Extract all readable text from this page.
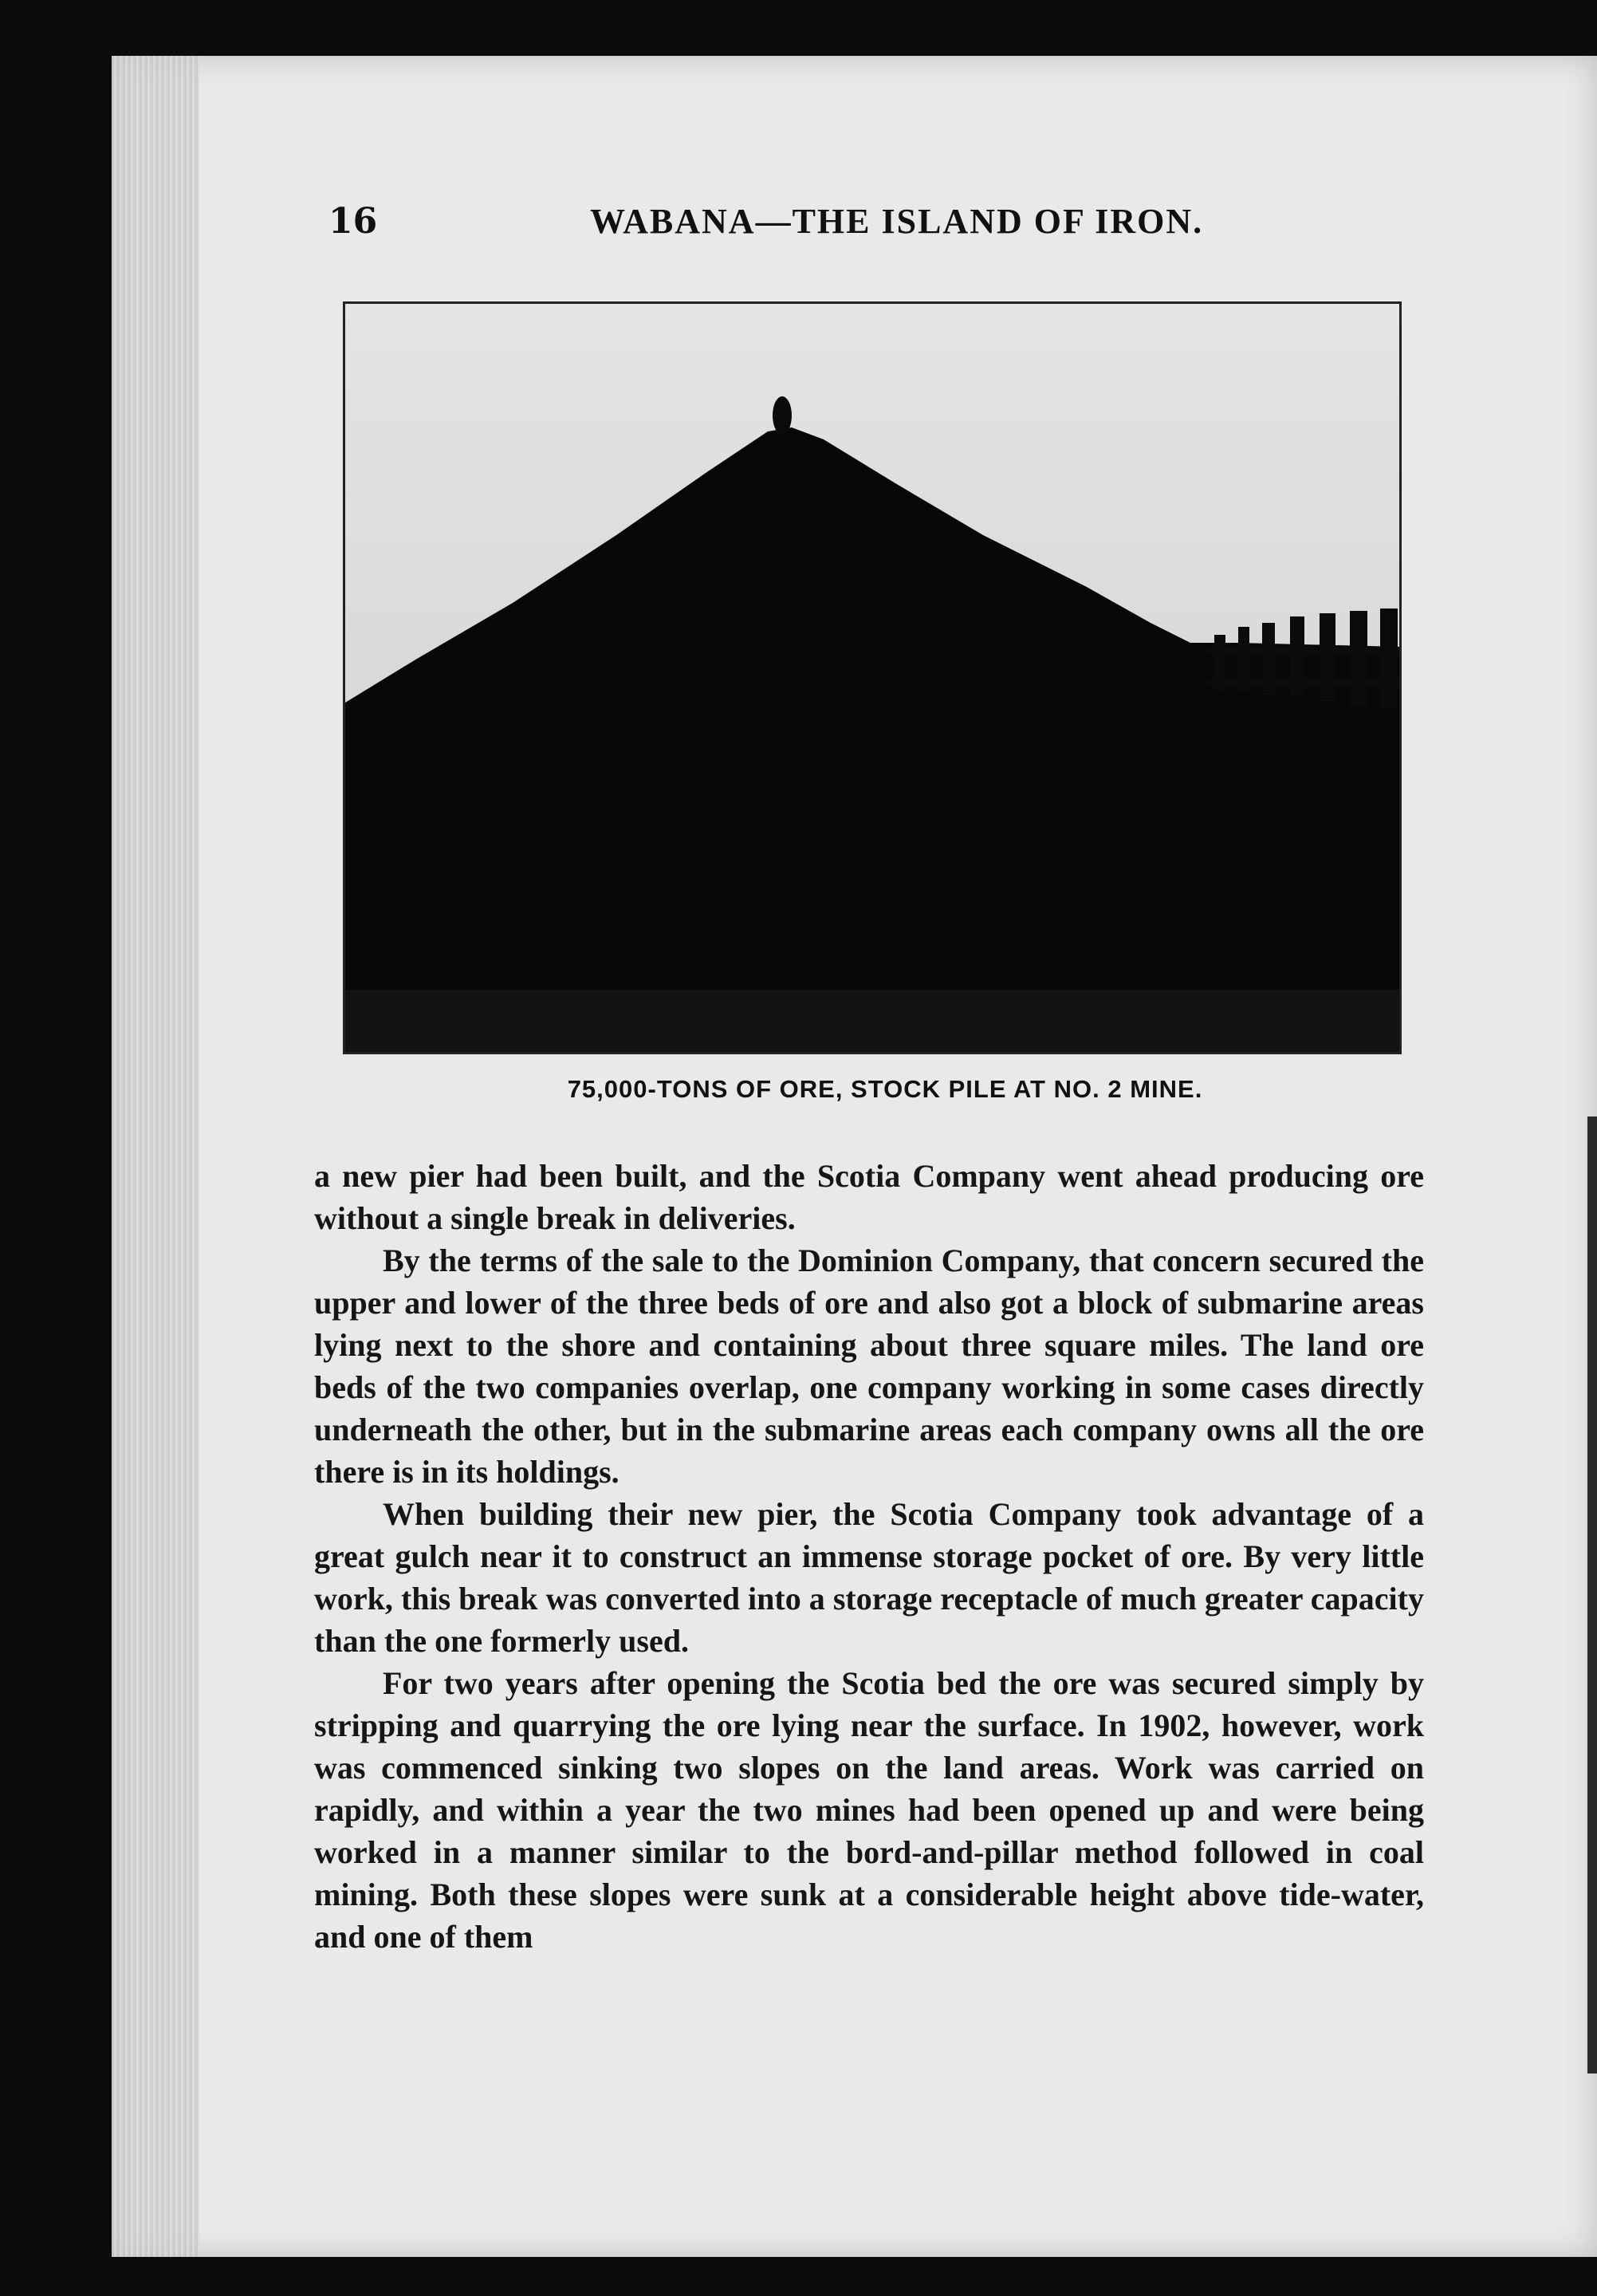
16	WABANA—THE ISLAND OF IRON.
75,000-TONS OF ORE, STOCK PILE AT NO. 2 MINE.

a new pier had been built, and the Scotia Company went ahead producing ore without a single break in deliveries.

By the terms of the sale to the Dominion Company, that concern secured the upper and lower of the three beds of ore and also got a block of submarine areas lying next to the shore and containing about three square miles. The land ore beds of the two companies overlap, one company working in some cases directly underneath the other, but in the submarine areas each company owns all the ore there is in its holdings.

When building their new pier, the Scotia Company took advantage of a great gulch near it to construct an immense storage pocket of ore. By very little work, this break was converted into a storage receptacle of much greater capacity than the one formerly used.

For two years after opening the Scotia bed the ore was secured simply by stripping and quarrying the ore lying near the surface. In 1902, however, work was commenced sinking two slopes on the land areas. Work was carried on rapidly, and within a year the two mines had been opened up and were being worked in a manner similar to the bord-and-pillar method followed in coal mining. Both these slopes were sunk at a considerable height above tide-water, and one of them
